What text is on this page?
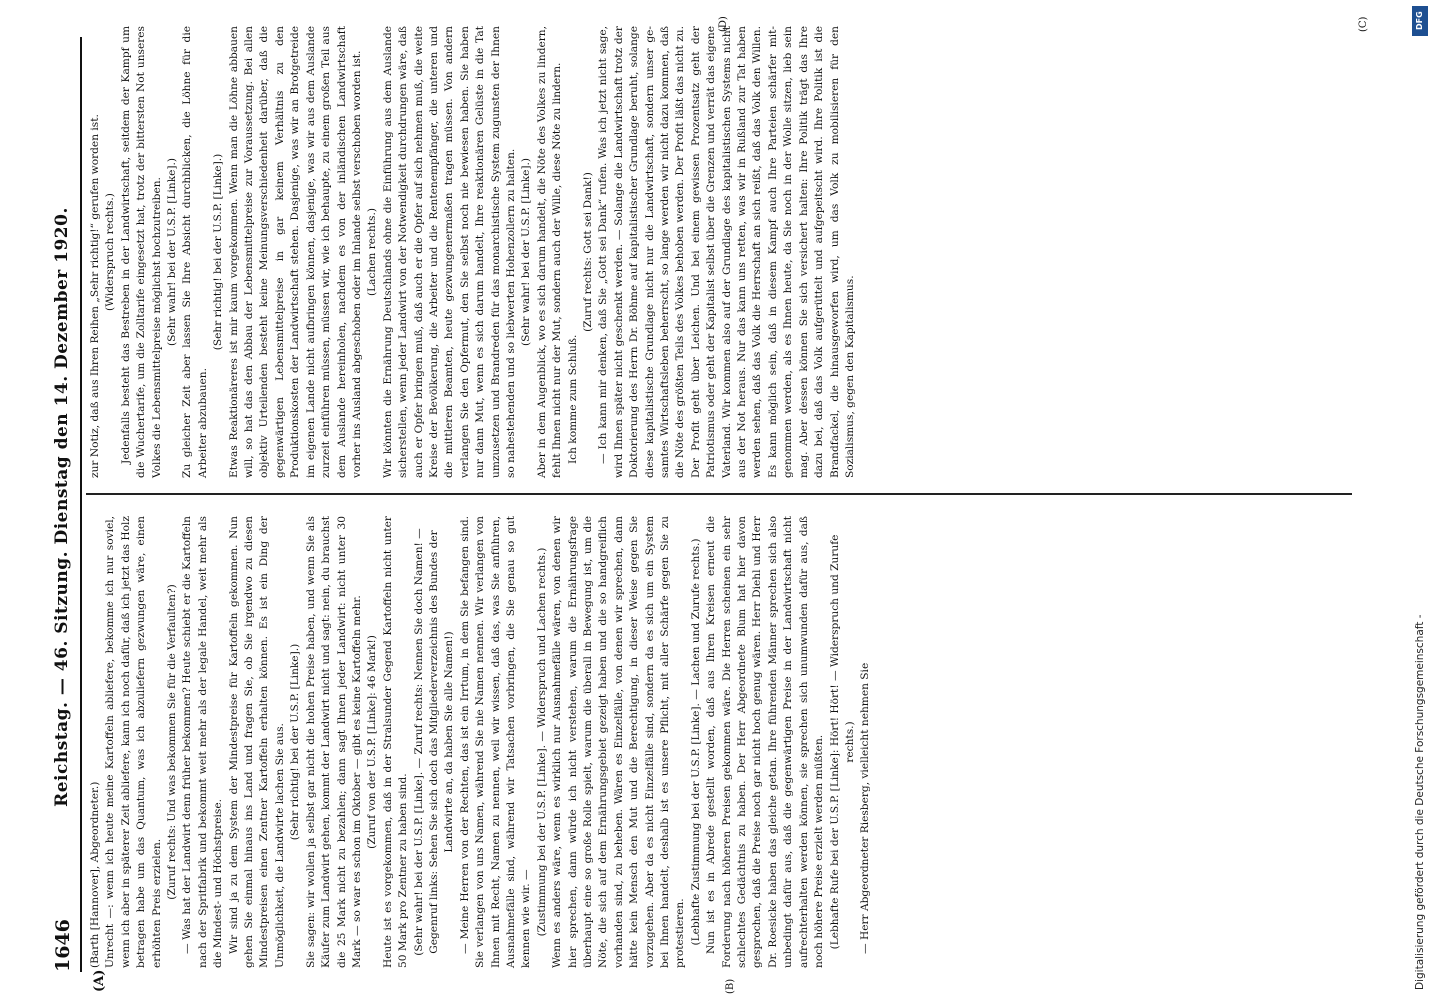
1646
Reichstag. — 46. Sitzung. Dienstag den 14. Dezember 1920.

(Barth [Hannover], Abgeordneter.) Unrecht —: wenn ich heute meine Kartoffeln abliefere, bekomme ich nur soviel, wenn ich aber in späterer Zeit abliefere, kann ich noch dafür, daß ich jetzt das Holz betragen habe um das Quantum, was ich abzuliefern gezwungen wäre, einen erhöhten Preis erzielen.

(Zuruf rechts: Und was bekommen Sie für die Verfaulten?) — Was hat der Landwirt denn früher bekommen? Heute schiebt er die Kartoffeln nach der Spritfabrik und bekommt weit mehr als der legale Handel, weit mehr als die Mindest- und Höchstpreise. Wir sind ja zu dem System der Mindestpreise für Kartoffeln gekommen. Nun gehen Sie einmal hinaus ins Land und fragen Sie, ob Sie irgendwo zu diesen Mindestpreisen einen Zentner Kartoffeln erhalten können. Es ist ein Ding der Unmöglichkeit, die Landwirte lachen Sie aus. (Sehr richtig! bei der U.S.P. [Linke].) Sie sagen: wir wollen ja selbst gar nicht die hohen Preise haben, und wenn Sie als Käufer zum Landwirt gehen, kommt der Landwirt nicht und sagt: nein, du brauchst die 25 Mark nicht zu bezahlen; dann sagt Ihnen jeder Landwirt: nicht unter 30 Mark — so war es schon im Oktober — gibt es keine Kartoffeln mehr. (Zuruf von der U.S.P. [Linke]: 46 Mark!) Heute ist es vorgekommen, daß in der Stralsunder Gegend Kartoffeln nicht unter 50 Mark pro Zentner zu haben sind. (Sehr wahr! bei der U.S.P. [Linke]. — Zuruf rechts: Nennen Sie doch Namen! — Gegenruf links: Sehen Sie sich doch das Mitgliederverzeichnis des Bundes der Landwirte an, da haben Sie alle Namen!) — Meine Herren von der Rechten, das ist ein Irrtum, in dem Sie befangen sind. Sie verlangen von uns Namen, während Sie nie Namen nennen. Wir verlangen von Ihnen mit Recht, Namen zu nennen, weil wir wissen, daß das, was Sie anführen, Ausnahmefälle sind, während wir Tatsachen vorbringen, die Sie genau so gut kennen wie wir. — (Zustimmung bei der U.S.P. [Linke]. — Widerspruch und Lachen rechts.) Wenn es anders wäre, wenn es wirklich nur Ausnahmefälle wären, von denen wir hier sprechen, dann würde ich nicht verstehen, warum die Ernährungsfrage überhaupt eine so große Rolle spielt, warum die überall in Bewegung ist, um die Nöte, die sich auf dem Ernährungsgebiet gezeigt haben und die so handgreiflich vorhanden sind, zu beheben. Wären es Einzelfälle, von denen wir sprechen, dann hätte kein Mensch den Mut und die Berechtigung, in dieser Weise gegen Sie vorzugehen. Aber da es nicht Einzelfälle sind, sondern da es sich um ein System bei Ihnen handelt, deshalb ist es unsere Pflicht, mit aller Schärfe gegen Sie zu protestieren. (Lebhafte Zustimmung bei der U.S.P. [Linke]. — Lachen und Zurufe rechts.) Nun ist es in Abrede gestellt worden, daß aus Ihren Kreisen erneut die Forderung nach höheren Preisen gekommen wäre. Die Herren scheinen ein sehr schlechtes Gedächtnis zu haben. Der Herr Abgeordnete Blum hat hier davon gesprochen, daß die Preise noch gar nicht hoch genug wären. Herr Diehl und Herr Dr. Roesicke haben das gleiche getan. Ihre führenden Männer sprechen sich also unbedingt dafür aus, daß die gegenwärtigen Preise in der Landwirtschaft nicht aufrechterhalten werden können, sie sprechen sich unumwunden dafür aus, daß noch höhere Preise erzielt werden müßten. (Lebhafte Rufe bei der U.S.P. [Linke]: Hört! Hört! — Widerspruch und Zurufe rechts.) — Herr Abgeordneter Riesberg, vielleicht nehmen Sie

zur Notiz, daß aus Ihren Reihen „Sehr richtig!“ gerufen worden ist. (Widerspruch rechts.) Jedenfalls besteht das Bestreben in der Landwirtschaft, seitdem der Kampf um die Wuchertarife, um die Zolltarife eingesetzt hat, trotz der bittersten Not unseres Volkes die Lebensmittelpreise möglichst hochzutreiben. (Sehr wahr! bei der U.S.P. [Linke].) Zu gleicher Zeit aber lassen Sie Ihre Absicht durchblicken, die Löhne für die Arbeiter abzubauen.

(Sehr richtig! bei der U.S.P. [Linke].) Etwas Reaktionäreres ist mir kaum vorgekommen. Wenn man die Löhne abbauen will, so hat das den Abbau der Lebensmittelpreise zur Voraussetzung. Bei allen objektiv Urteilenden besteht keine Meinungsverschiedenheit darüber, daß die gegenwärtigen Lebensmittelpreise in gar keinem Verhältnis zu den Produktionskosten der Landwirtschaft stehen. Dasjenige, was wir an Brotgetreide im eigenen Lande nicht aufbringen können, dasjenige, was wir aus dem Auslande zurzeit einführen müssen, müssen wir, wie ich behaupte, zu einem großen Teil aus dem Auslande hereinholen, nachdem es von der inländischen Landwirtschaft vorher ins Ausland abgeschoben oder im Inlande selbst verschoben worden ist. (Lachen rechts.) Wir könnten die Ernährung Deutschlands ohne die Einführung aus dem Auslande sicherstellen, wenn jeder Landwirt von der Notwendigkeit durchdrungen wäre, daß auch er Opfer bringen muß, daß auch er die Opfer auf sich nehmen muß, die weite Kreise der Bevölkerung, die Arbeiter und die Rentenempfänger, die unteren und die mittleren Beamten, heute gezwungenermaßen tragen müssen. Von andern verlangen Sie den Opfermut, den Sie selbst noch nie bewiesen haben. Sie haben nur dann Mut, wenn es sich darum handelt, Ihre reaktionären Gelüste in die Tat umzusetzen und Brandreden für das monarchistische System zugunsten der Ihnen so nahestehenden und so liebwerten Hohenzollern zu halten. (Sehr wahr! bei der U.S.P. [Linke].) Aber in dem Augenblick, wo es sich darum handelt, die Nöte des Volkes zu lindern, fehlt Ihnen nicht nur der Mut, sondern auch der Wille, diese Nöte zu lindern. Ich komme zum Schluß.

(Zuruf rechts: Gott sei Dank!) — Ich kann mir denken, daß Sie „Gott sei Dank“ rufen. Was ich jetzt nicht sage, wird Ihnen später nicht geschenkt werden. — Solange die Landwirtschaft trotz der Doktorierung des Herrn Dr. Böhme auf kapitalistischer Grundlage beruht, solange diese kapitalistische Grundlage nicht nur die Landwirtschaft, sondern unser gesamtes Wirtschaftsleben beherrscht, so lange werden wir nicht dazu kommen, daß die Nöte des größten Teils des Volkes behoben werden. Der Profit läßt das nicht zu. Der Profit geht über Leichen. Und bei einem gewissen Prozentsatz geht der Patriotismus oder geht der Kapitalist selbst über die Grenzen und verrät das eigene Vaterland. Wir kommen also auf der Grundlage des kapitalistischen Systems nicht aus der Not heraus. Nur das kann uns retten, was wir in Rußland zur Tat haben werden sehen, daß das Volk die Herrschaft an sich reißt, daß das Volk den Willen. Es kann möglich sein, daß in diesem Kampf auch Ihre Parteien schärfer mitgenommen werden, als es Ihnen heute, da Sie noch in der Wolle sitzen, lieb sein mag. Aber dessen können Sie sich versichert halten: Ihre Politik trägt das Ihre dazu bei, daß das Volk aufgerüttelt und aufgepeitscht wird. Ihre Politik ist die Brandfackel, die hinausgeworfen wird, um das Volk zu mobilisieren für den Sozialismus, gegen den Kapitalismus.

(A)	(B)
(C)
(D)
Digitalisierung gefördert durch die Deutsche Forschungsgemeinschaft -
DFG
